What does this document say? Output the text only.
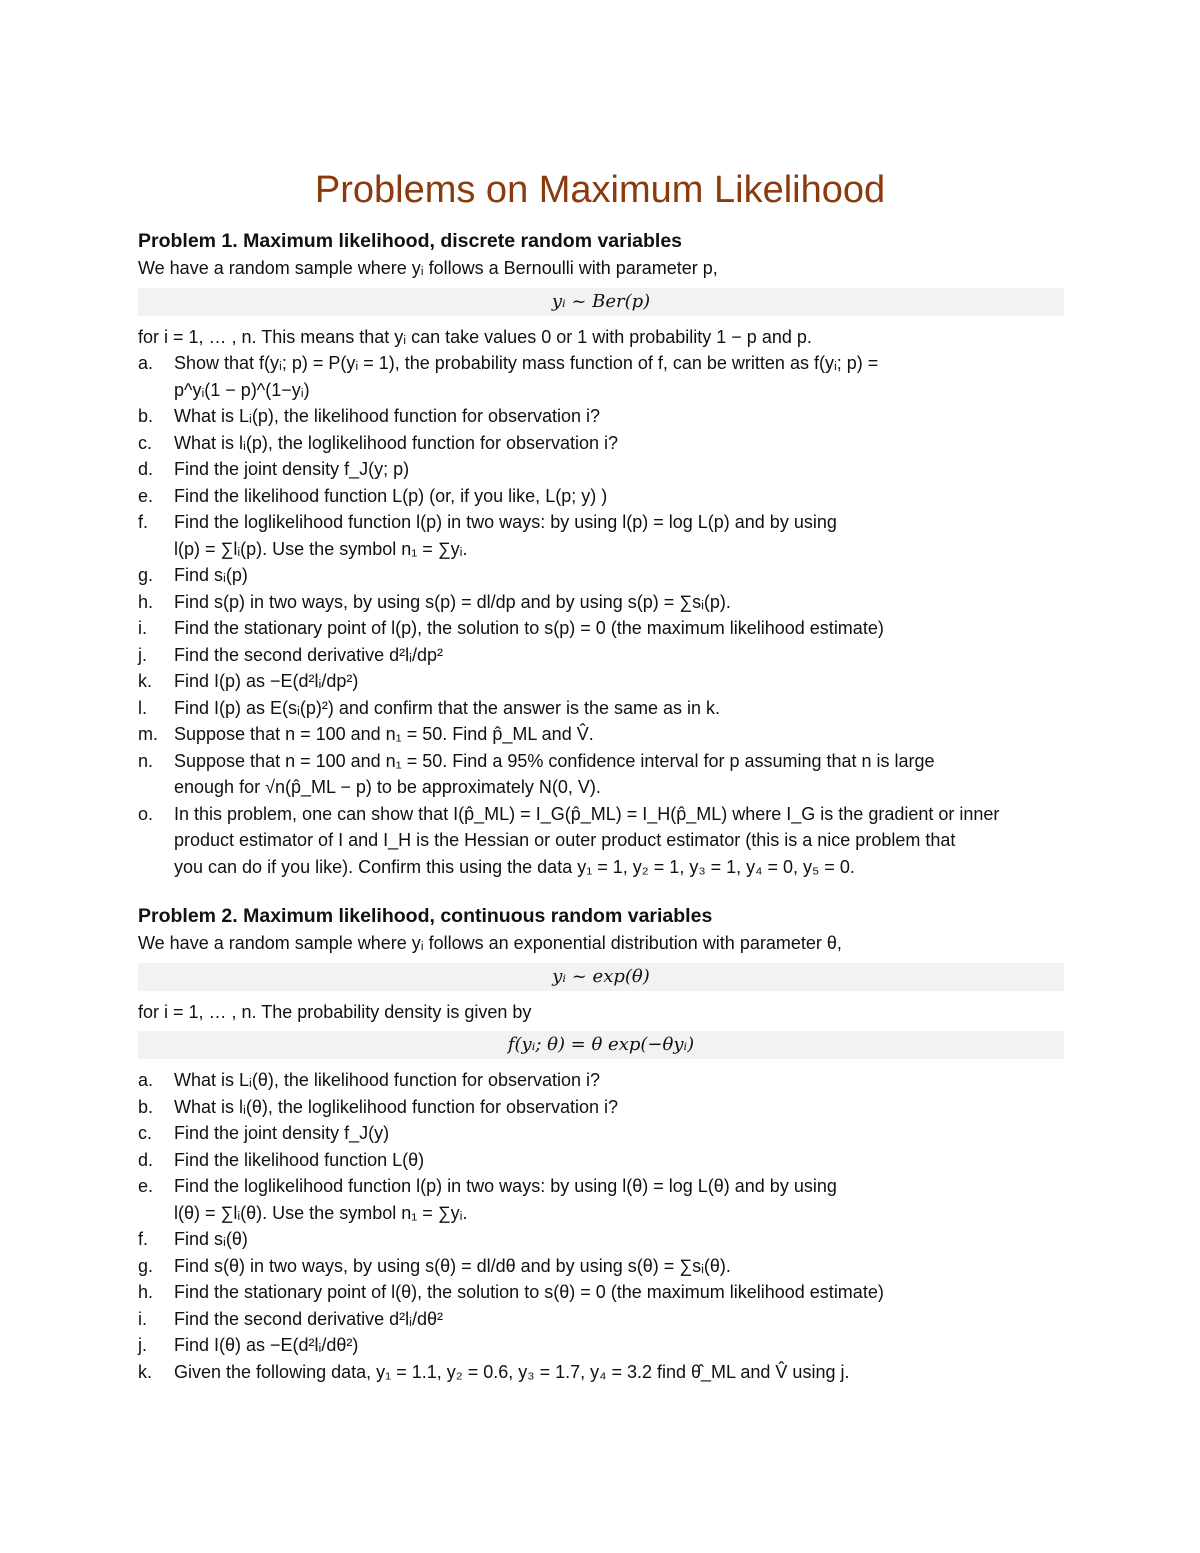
Problems on Maximum Likelihood

Problem 1. Maximum likelihood, discrete random variables

We have a random sample where yᵢ follows a Bernoulli with parameter p,
yᵢ ~ Ber(p)
for i = 1, … , n. This means that yᵢ can take values 0 or 1 with probability 1 − p and p.
a. Show that f(yᵢ; p) = P(yᵢ = 1), the probability mass function of f, can be written as f(yᵢ; p) =
p^yᵢ(1 − p)^(1−yᵢ)
b. What is Lᵢ(p), the likelihood function for observation i?
c. What is lᵢ(p), the loglikelihood function for observation i?
d. Find the joint density f_J(y; p)
e. Find the likelihood function L(p) (or, if you like, L(p; y) )
f. Find the loglikelihood function l(p) in two ways: by using l(p) = log L(p) and by using
l(p) = ∑lᵢ(p). Use the symbol n₁ = ∑yᵢ.
g. Find sᵢ(p)
h. Find s(p) in two ways, by using s(p) = dl/dp and by using s(p) = ∑sᵢ(p).
i. Find the stationary point of l(p), the solution to s(p) = 0 (the maximum likelihood estimate)
j. Find the second derivative d²lᵢ/dp²
k. Find I(p) as −E(d²lᵢ/dp²)
l. Find I(p) as E(sᵢ(p)²) and confirm that the answer is the same as in k.
m. Suppose that n = 100 and n₁ = 50. Find p̂_ML and V̂.
n. Suppose that n = 100 and n₁ = 50. Find a 95% confidence interval for p assuming that n is large
enough for √n(p̂_ML − p) to be approximately N(0, V).
o. In this problem, one can show that I(p̂_ML) = I_G(p̂_ML) = I_H(p̂_ML) where I_G is the gradient or inner
product estimator of I and I_H is the Hessian or outer product estimator (this is a nice problem that
you can do if you like). Confirm this using the data y₁ = 1, y₂ = 1, y₃ = 1, y₄ = 0, y₅ = 0.

Problem 2. Maximum likelihood, continuous random variables

We have a random sample where yᵢ follows an exponential distribution with parameter θ,
yᵢ ~ exp(θ)
for i = 1, … , n. The probability density is given by
f(yᵢ; θ) = θ exp(−θyᵢ)
a. What is Lᵢ(θ), the likelihood function for observation i?
b. What is lᵢ(θ), the loglikelihood function for observation i?
c. Find the joint density f_J(y)
d. Find the likelihood function L(θ)
e. Find the loglikelihood function l(p) in two ways: by using l(θ) = log L(θ) and by using
l(θ) = ∑lᵢ(θ). Use the symbol n₁ = ∑yᵢ.
f. Find sᵢ(θ)
g. Find s(θ) in two ways, by using s(θ) = dl/dθ and by using s(θ) = ∑sᵢ(θ).
h. Find the stationary point of l(θ), the solution to s(θ) = 0 (the maximum likelihood estimate)
i. Find the second derivative d²lᵢ/dθ²
j. Find I(θ) as −E(d²lᵢ/dθ²)
k. Given the following data, y₁ = 1.1, y₂ = 0.6, y₃ = 1.7, y₄ = 3.2 find θ̂_ML and V̂ using j.
